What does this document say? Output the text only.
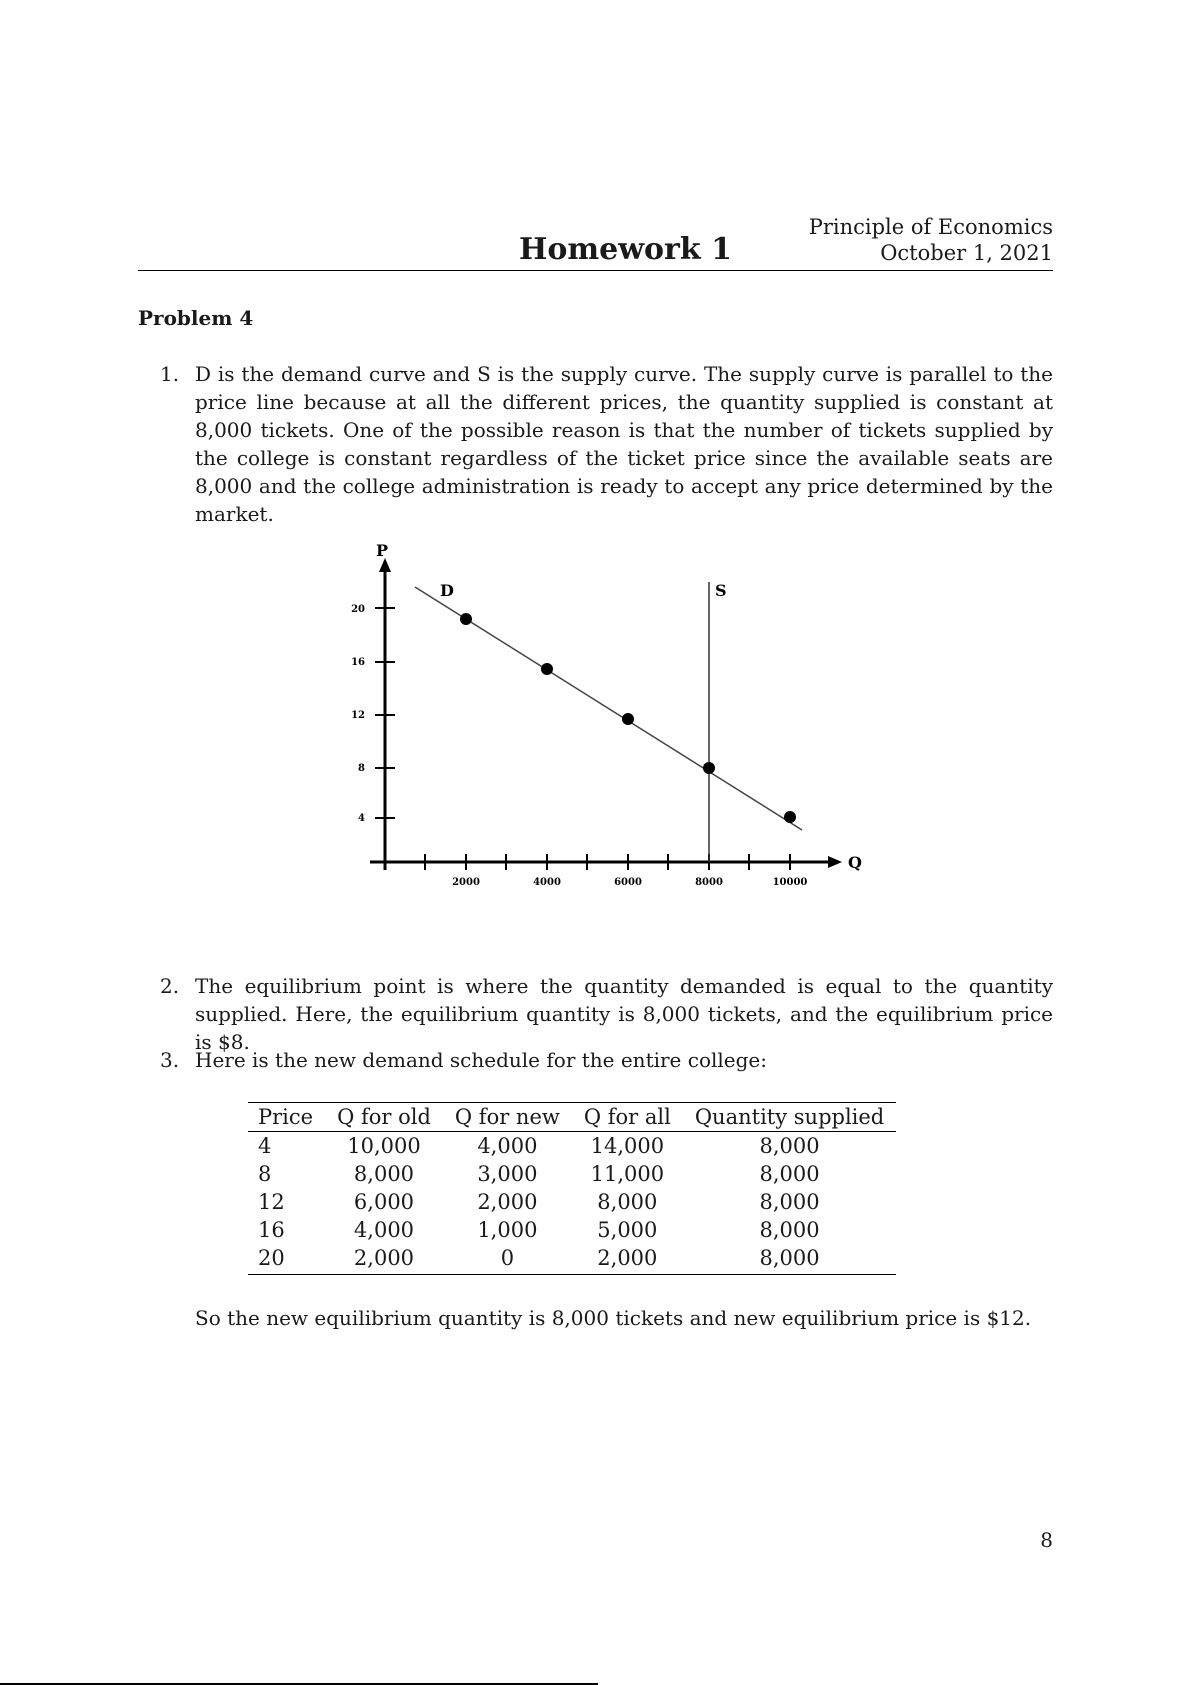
Principle of Economics
October 1, 2021
Homework 1
Problem 4
1. D is the demand curve and S is the supply curve. The supply curve is parallel to the price line because at all the different prices, the quantity supplied is constant at 8,000 tickets. One of the possible reason is that the number of tickets supplied by the college is constant regardless of the ticket price since the available seats are 8,000 and the college administration is ready to accept any price determined by the market.
2000	4000	6000	8000	10000
20
16
12
8
4
P
Q
D	S
2. The equilibrium point is where the quantity demanded is equal to the quantity supplied. Here, the equilibrium quantity is 8,000 tickets, and the equilibrium price is $8.
3. Here is the new demand schedule for the entire college:
Price	Q for old	Q for new	Q for all	Quantity supplied
4	10,000	4,000	14,000	8,000
8	8,000	3,000	11,000	8,000
12	6,000	2,000	8,000	8,000
16	4,000	1,000	5,000	8,000
20	2,000	0	2,000	8,000
So the new equilibrium quantity is 8,000 tickets and new equilibrium price is $12.
8
